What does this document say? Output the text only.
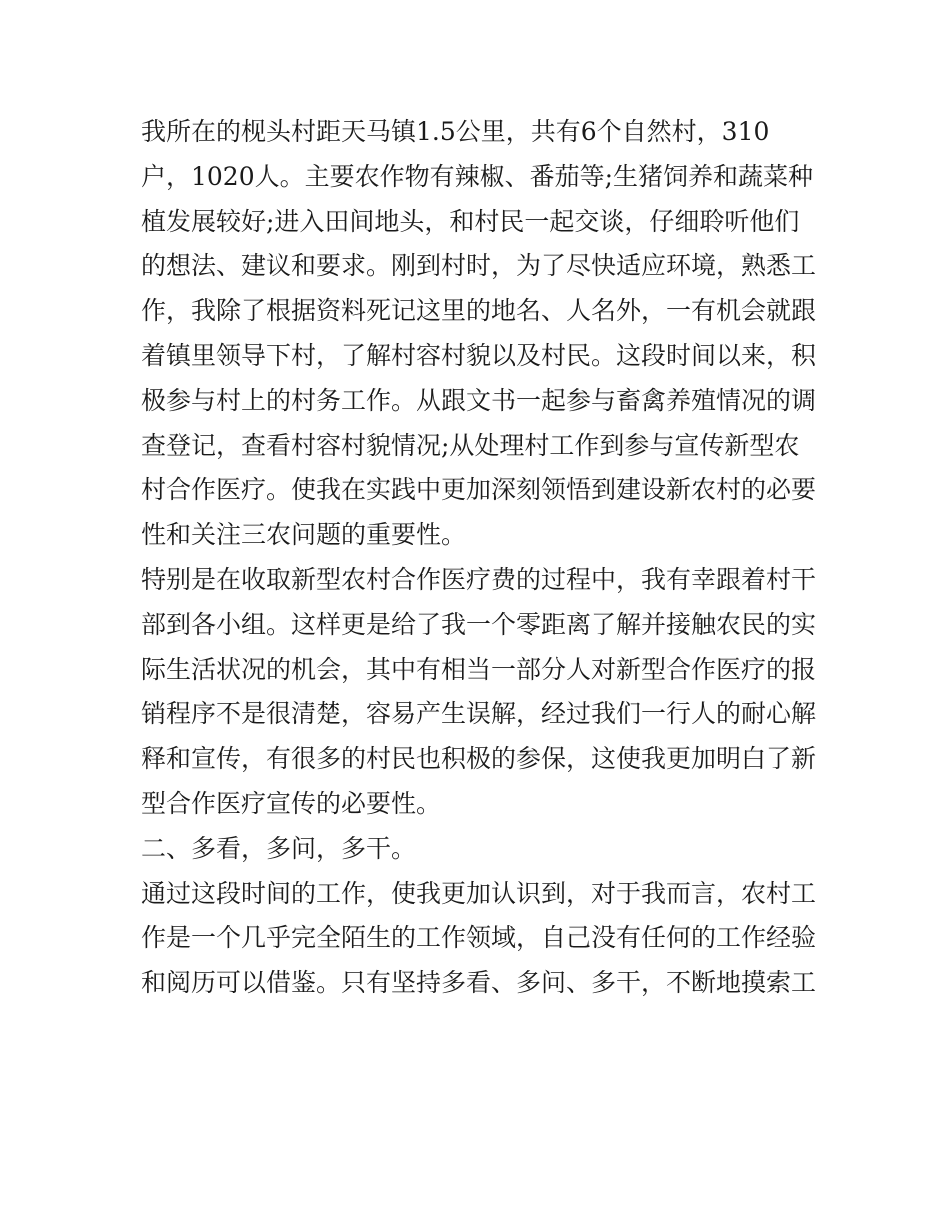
我所在的枧头村距天马镇1.5公里，共有6个自然村，310
户，1020人。主要农作物有辣椒、番茄等;生猪饲养和蔬菜种
植发展较好;进入田间地头，和村民一起交谈，仔细聆听他们
的想法、建议和要求。刚到村时，为了尽快适应环境，熟悉工
作，我除了根据资料死记这里的地名、人名外，一有机会就跟
着镇里领导下村，了解村容村貌以及村民。这段时间以来，积
极参与村上的村务工作。从跟文书一起参与畜禽养殖情况的调
查登记，查看村容村貌情况;从处理村工作到参与宣传新型农
村合作医疗。使我在实践中更加深刻领悟到建设新农村的必要
性和关注三农问题的重要性。
特别是在收取新型农村合作医疗费的过程中，我有幸跟着村干
部到各小组。这样更是给了我一个零距离了解并接触农民的实
际生活状况的机会，其中有相当一部分人对新型合作医疗的报
销程序不是很清楚，容易产生误解，经过我们一行人的耐心解
释和宣传，有很多的村民也积极的参保，这使我更加明白了新
型合作医疗宣传的必要性。
二、多看，多问，多干。
通过这段时间的工作，使我更加认识到，对于我而言，农村工
作是一个几乎完全陌生的工作领域，自己没有任何的工作经验
和阅历可以借鉴。只有坚持多看、多问、多干，不断地摸索工
